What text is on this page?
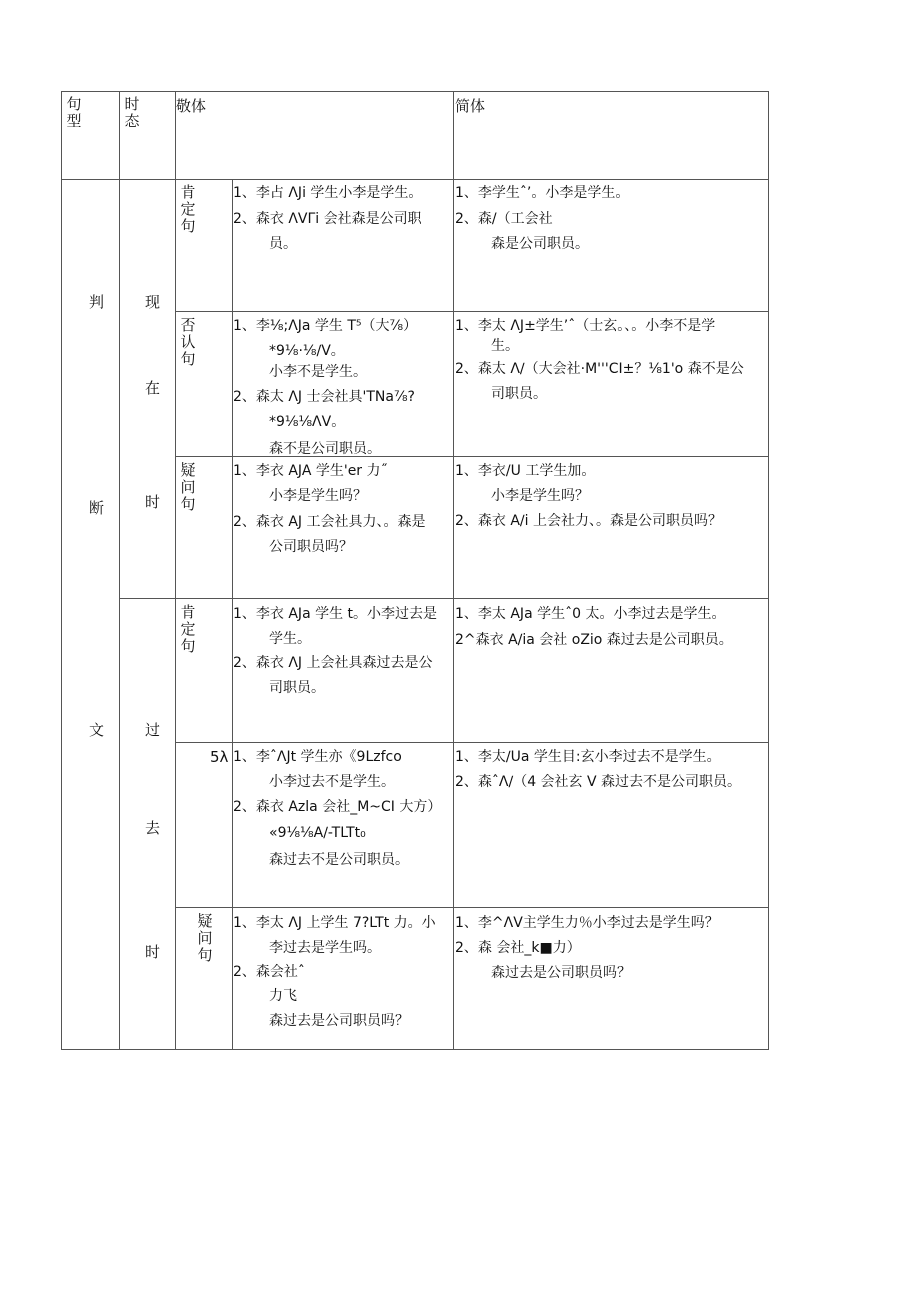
句型
时态
敬体	简体
判
断
文
现
在
时
过
去
时
肯定句
1、李占 ΛJi 学生小李是学生。
2、森衣 ΛVΓi 会社森是公司职
员。
1、李学生ˆ’。小李是学生。
2、森/（工会社
森是公司职员。
否认句
1、李⅛;ΛJa 学生 T⁵（大⅞）
*9⅛·⅛∕V。
小李不是学生。
2、森太 ΛJ 士会社具'TNa⅞?
*9⅛⅛ΛV。
森不是公司职员。
1、李太 ΛJ±学生’ˆ（士玄。、。小李不是学
生。
2、森太 Λ∕（大会社·M'''CI±？⅛1'o 森不是公
司职员。
疑问句
1、李衣 AJA 学生'er 力˝
小李是学生吗？
2、森衣 AJ 工会社具力、。森是
公司职员吗？
1、李衣/U 工学生加。
小李是学生吗？
2、森衣 A∕i 上会社力、。森是公司职员吗？
肯定句
1、李衣 AJa 学生 t。小李过去是
学生。
2、森衣 ΛJ 上会社具森过去是公
司职员。
1、李太 AJa 学生ˆ0 太。小李过去是学生。
2^森衣 A∕ia 会社 oZio 森过去是公司职员。
5λ 1、李ˆΛJt 学生亦《9Lzfco
小李过去不是学生。
2、森衣 Azla 会社_M~CI 大方）
«9⅛⅛A∕-TLTt₀
森过去不是公司职员。
1、李太∕Ua 学生目:玄小李过去不是学生。
2、森ˆΛ∕（4 会社玄 V 森过去不是公司职员。
疑问句
1、李太 ΛJ 上学生 7?LTt 力。小
李过去是学生吗。
2、森会社ˆ
力飞
森过去是公司职员吗？
1、李^ΛV主学生力％小李过去是学生吗？
2、森 会社_k■力）
森过去是公司职员吗？
